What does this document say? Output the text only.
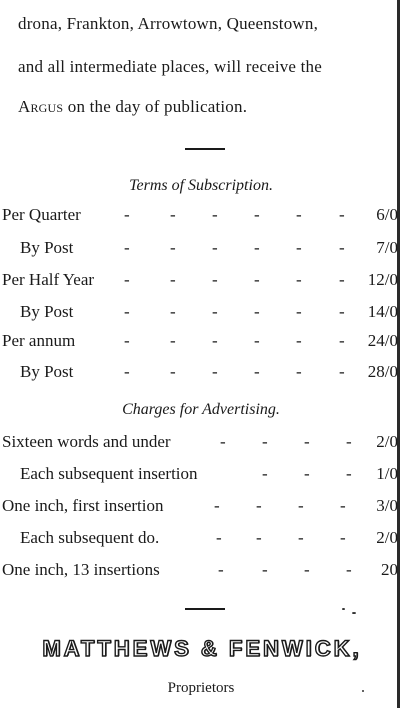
drona, Frankton, Arrowtown, Queenstown,
and all intermediate places, will receive the
Argus on the day of publication.
Terms of Subscription.
Per Quarter	- - - - - - 6/0
By Post	- - - - - - 7/0
Per Half Year - - - - - - 12/0
By Post	- - - - - - 14/0
Per annum	- - - - - - 24/0
By Post	- - - - - - 28/0
Charges for Advertising.
Sixteen words and under	- - - - 2/0
Each subsequent insertion	- - - 1/0
One inch, first insertion	- - - - 3/0
Each subsequent do.	- - - - 2/0
One inch, 13 insertions	- - - - 20
MATTHEWS & FENWICK,
Proprietors
